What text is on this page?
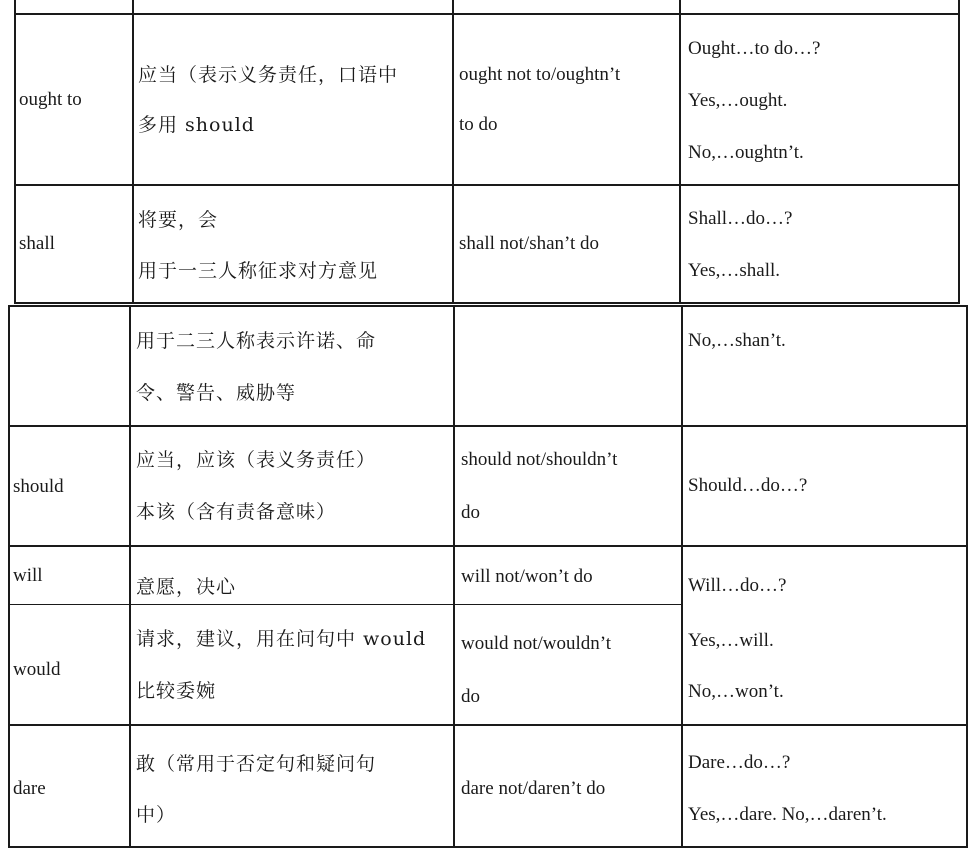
ought to
应当（表示义务责任，口语中
多用 should
ought not to/oughtn’t
to do
Ought…to do…?
Yes,…ought.
No,…oughtn’t.
shall
将要，会
用于一三人称征求对方意见
shall not/shan’t do
Shall…do…?
Yes,…shall.
用于二三人称表示许诺、命
令、警告、威胁等
No,…shan’t.
should
应当，应该（表义务责任）
本该（含有责备意味）
should not/shouldn’t
do
Should…do…?
will
意愿，决心	will not/won’t do
would
请求，建议，用在问句中 would
比较委婉
would not/wouldn’t
do
Will…do…?
Yes,…will.
No,…won’t.
dare
敢（常用于否定句和疑问句
中）
dare not/daren’t do
Dare…do…?
Yes,…dare. No,…daren’t.
